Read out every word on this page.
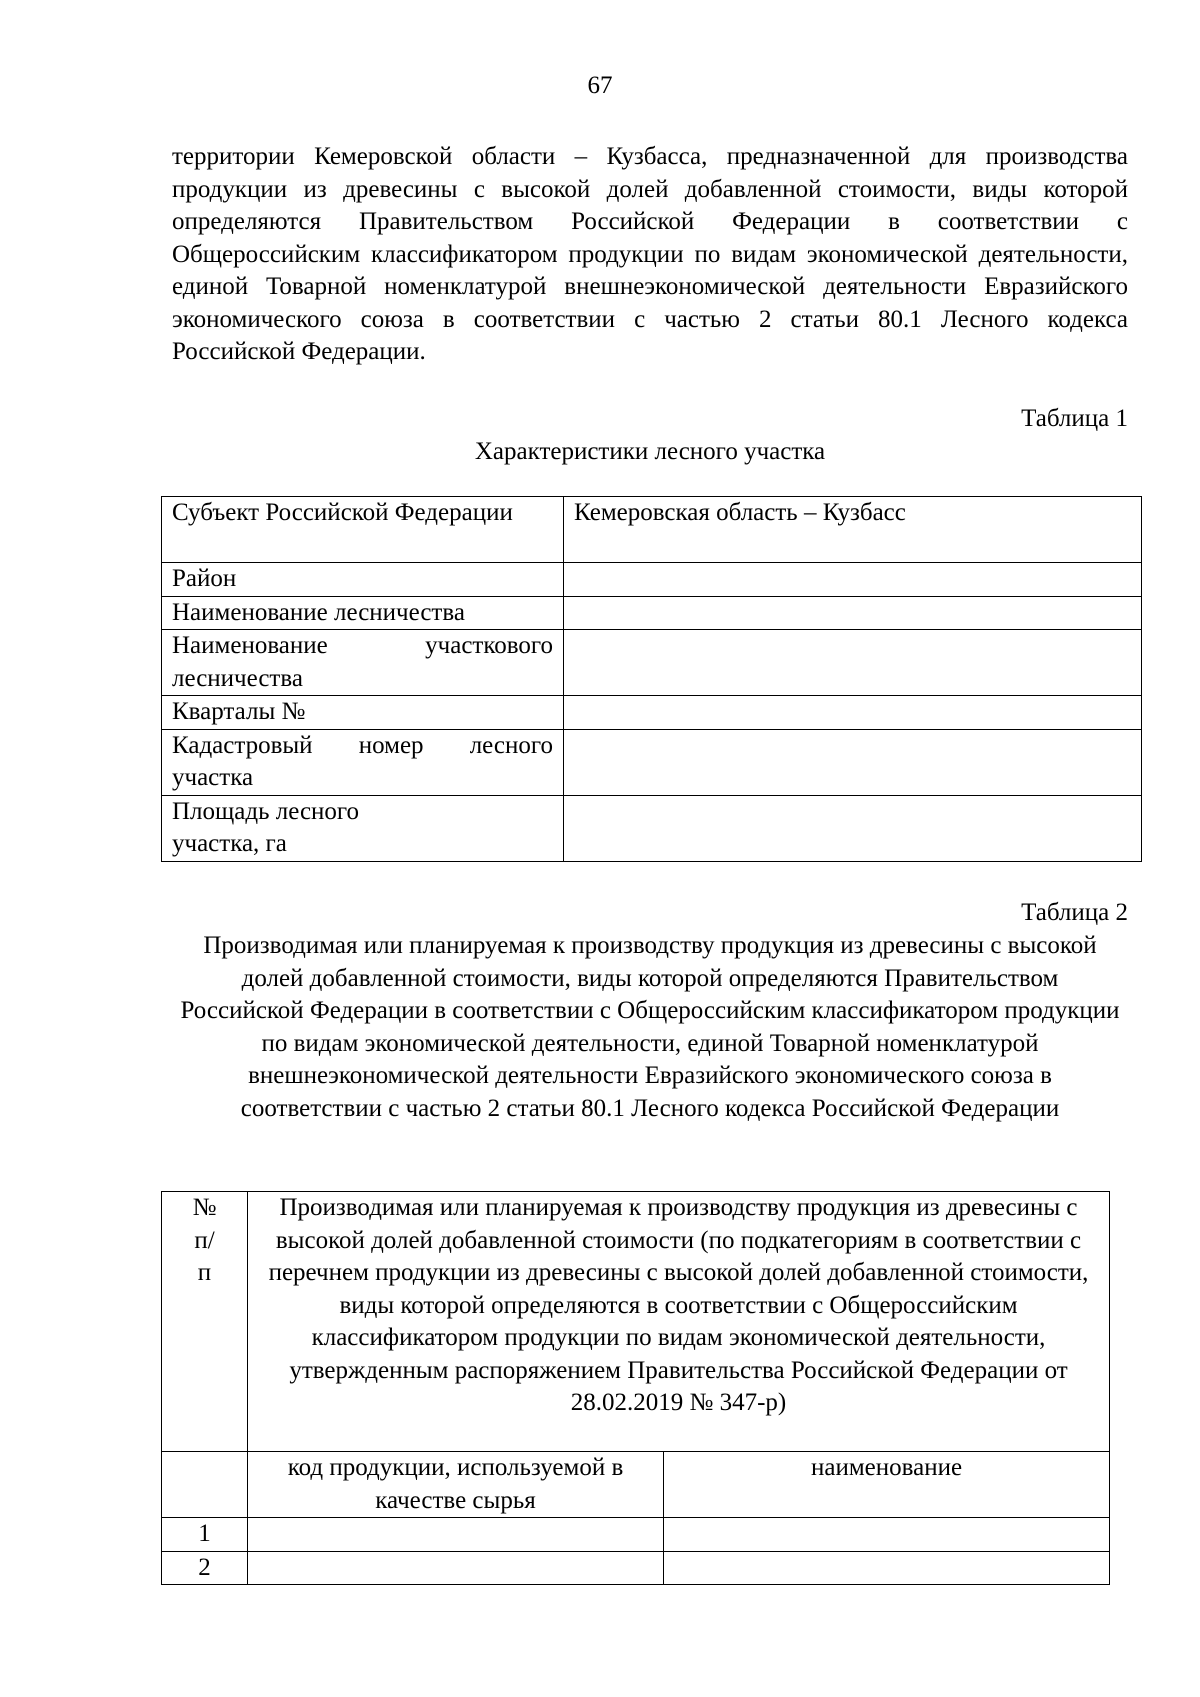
67

территории Кемеровской области – Кузбасса, предназначенной для производства продукции из древесины с высокой долей добавленной стоимости, виды которой определяются Правительством Российской Федерации в соответствии с Общероссийским классификатором продукции по видам экономической деятельности, единой Товарной номенклатурой внешнеэкономической деятельности Евразийского экономического союза в соответствии с частью 2 статьи 80.1 Лесного кодекса Российской Федерации.

Таблица 1

Характеристики лесного участка

Субъект Российской Федерации	Кемеровская область – Кузбасс
Район	
Наименование лесничества	
Наименование участкового лесничества	
Кварталы №	
Кадастровый номер лесного участка	
Площадь лесного участка, га	
Таблица 2

Производимая или планируемая к производству продукция из древесины с высокой долей добавленной стоимости, виды которой определяются Правительством Российской Федерации в соответствии с Общероссийским классификатором продукции по видам экономической деятельности, единой Товарной номенклатурой внешнеэкономической деятельности Евразийского экономического союза в соответствии с частью 2 статьи 80.1 Лесного кодекса Российской Федерации

№ п/п	Производимая или планируемая к производству продукция из древесины с высокой долей добавленной стоимости (по подкатегориям в соответствии с перечнем продукции из древесины с высокой долей добавленной стоимости, виды которой определяются в соответствии с Общероссийским классификатором продукции по видам экономической деятельности, утвержденным распоряжением Правительства Российской Федерации от 28.02.2019 № 347-р)	
	код продукции, используемой в качестве сырья	наименование
1		
2		
